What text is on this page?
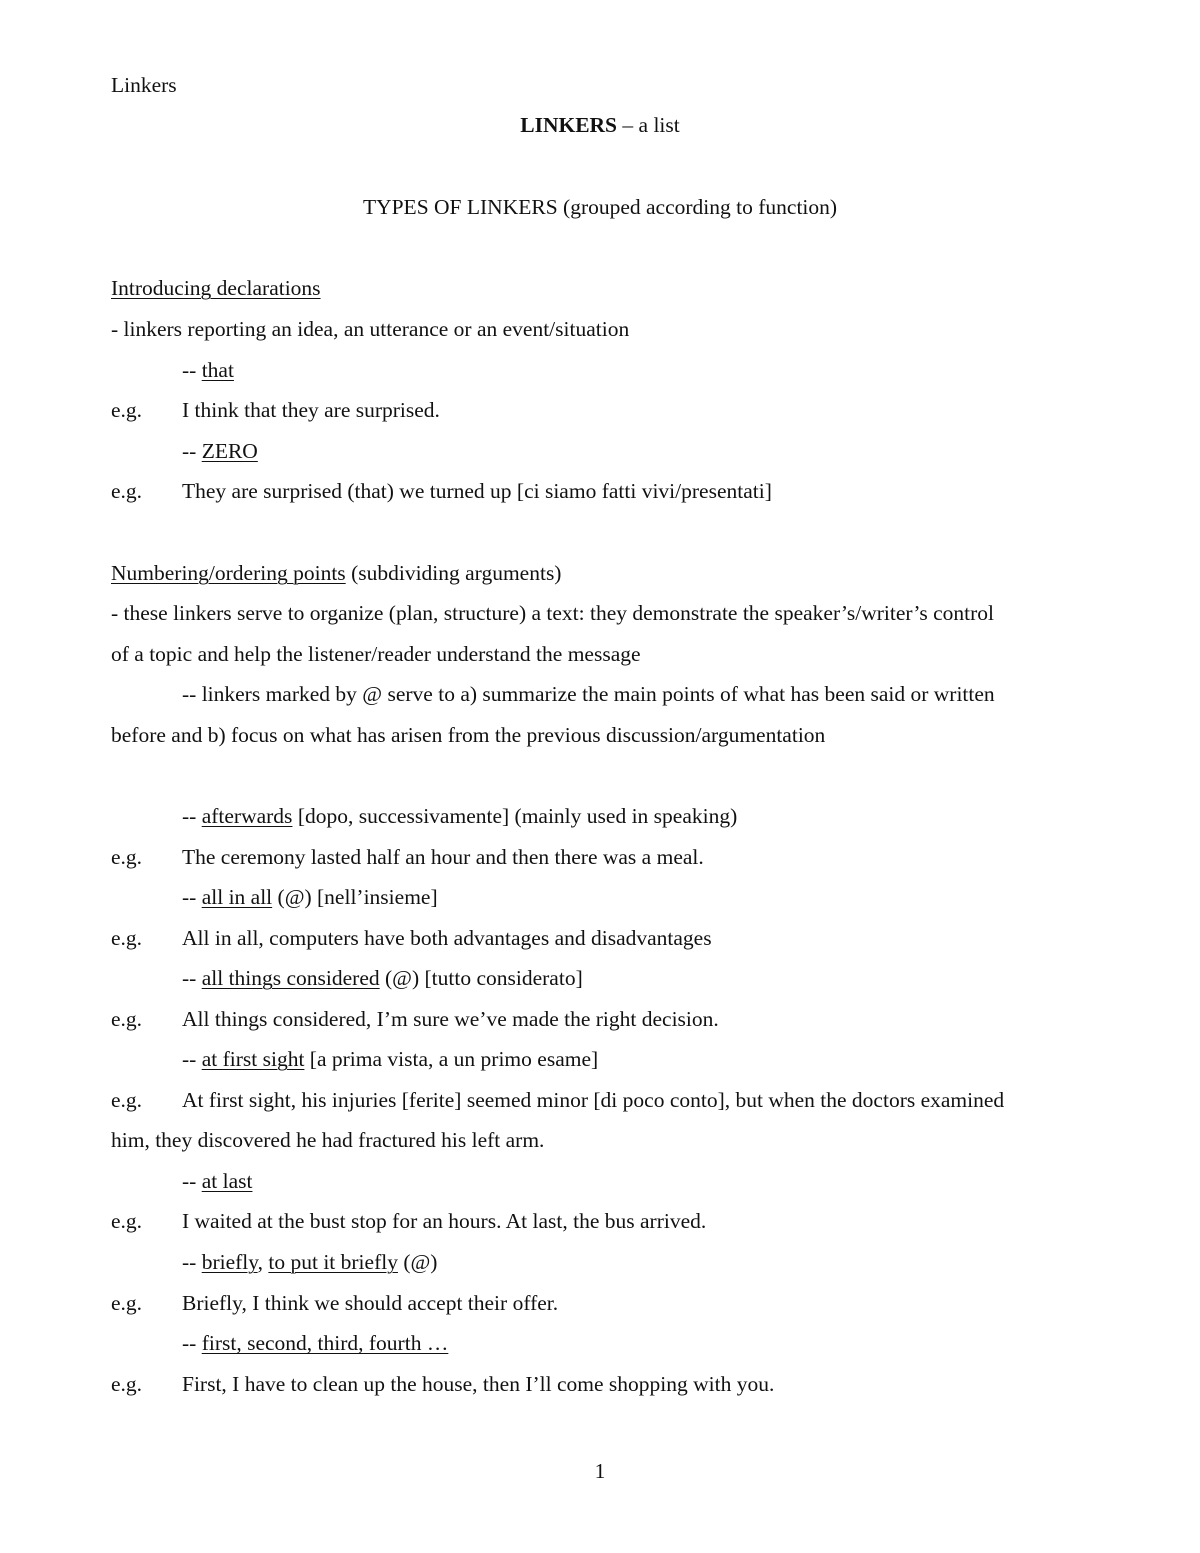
Linkers
LINKERS – a list
TYPES OF LINKERS (grouped according to function)
Introducing declarations
- linkers reporting an idea, an utterance or an event/situation
-- that
e.g. I think that they are surprised.
-- ZERO
e.g. They are surprised (that) we turned up [ci siamo fatti vivi/presentati]
Numbering/ordering points (subdividing arguments)
- these linkers serve to organize (plan, structure) a text: they demonstrate the speaker’s/writer’s control
of a topic and help the listener/reader understand the message
-- linkers marked by @ serve to a) summarize the main points of what has been said or written
before and b) focus on what has arisen from the previous discussion/argumentation
-- afterwards [dopo, successivamente] (mainly used in speaking)
e.g. The ceremony lasted half an hour and then there was a meal.
-- all in all (@) [nell’insieme]
e.g. All in all, computers have both advantages and disadvantages
-- all things considered (@) [tutto considerato]
e.g. All things considered, I’m sure we’ve made the right decision.
-- at first sight [a prima vista, a un primo esame]
e.g. At first sight, his injuries [ferite] seemed minor [di poco conto], but when the doctors examined
him, they discovered he had fractured his left arm.
-- at last
e.g. I waited at the bust stop for an hours. At last, the bus arrived.
-- briefly, to put it briefly (@)
e.g. Briefly, I think we should accept their offer.
-- first, second, third, fourth …
e.g. First, I have to clean up the house, then I’ll come shopping with you.
1
